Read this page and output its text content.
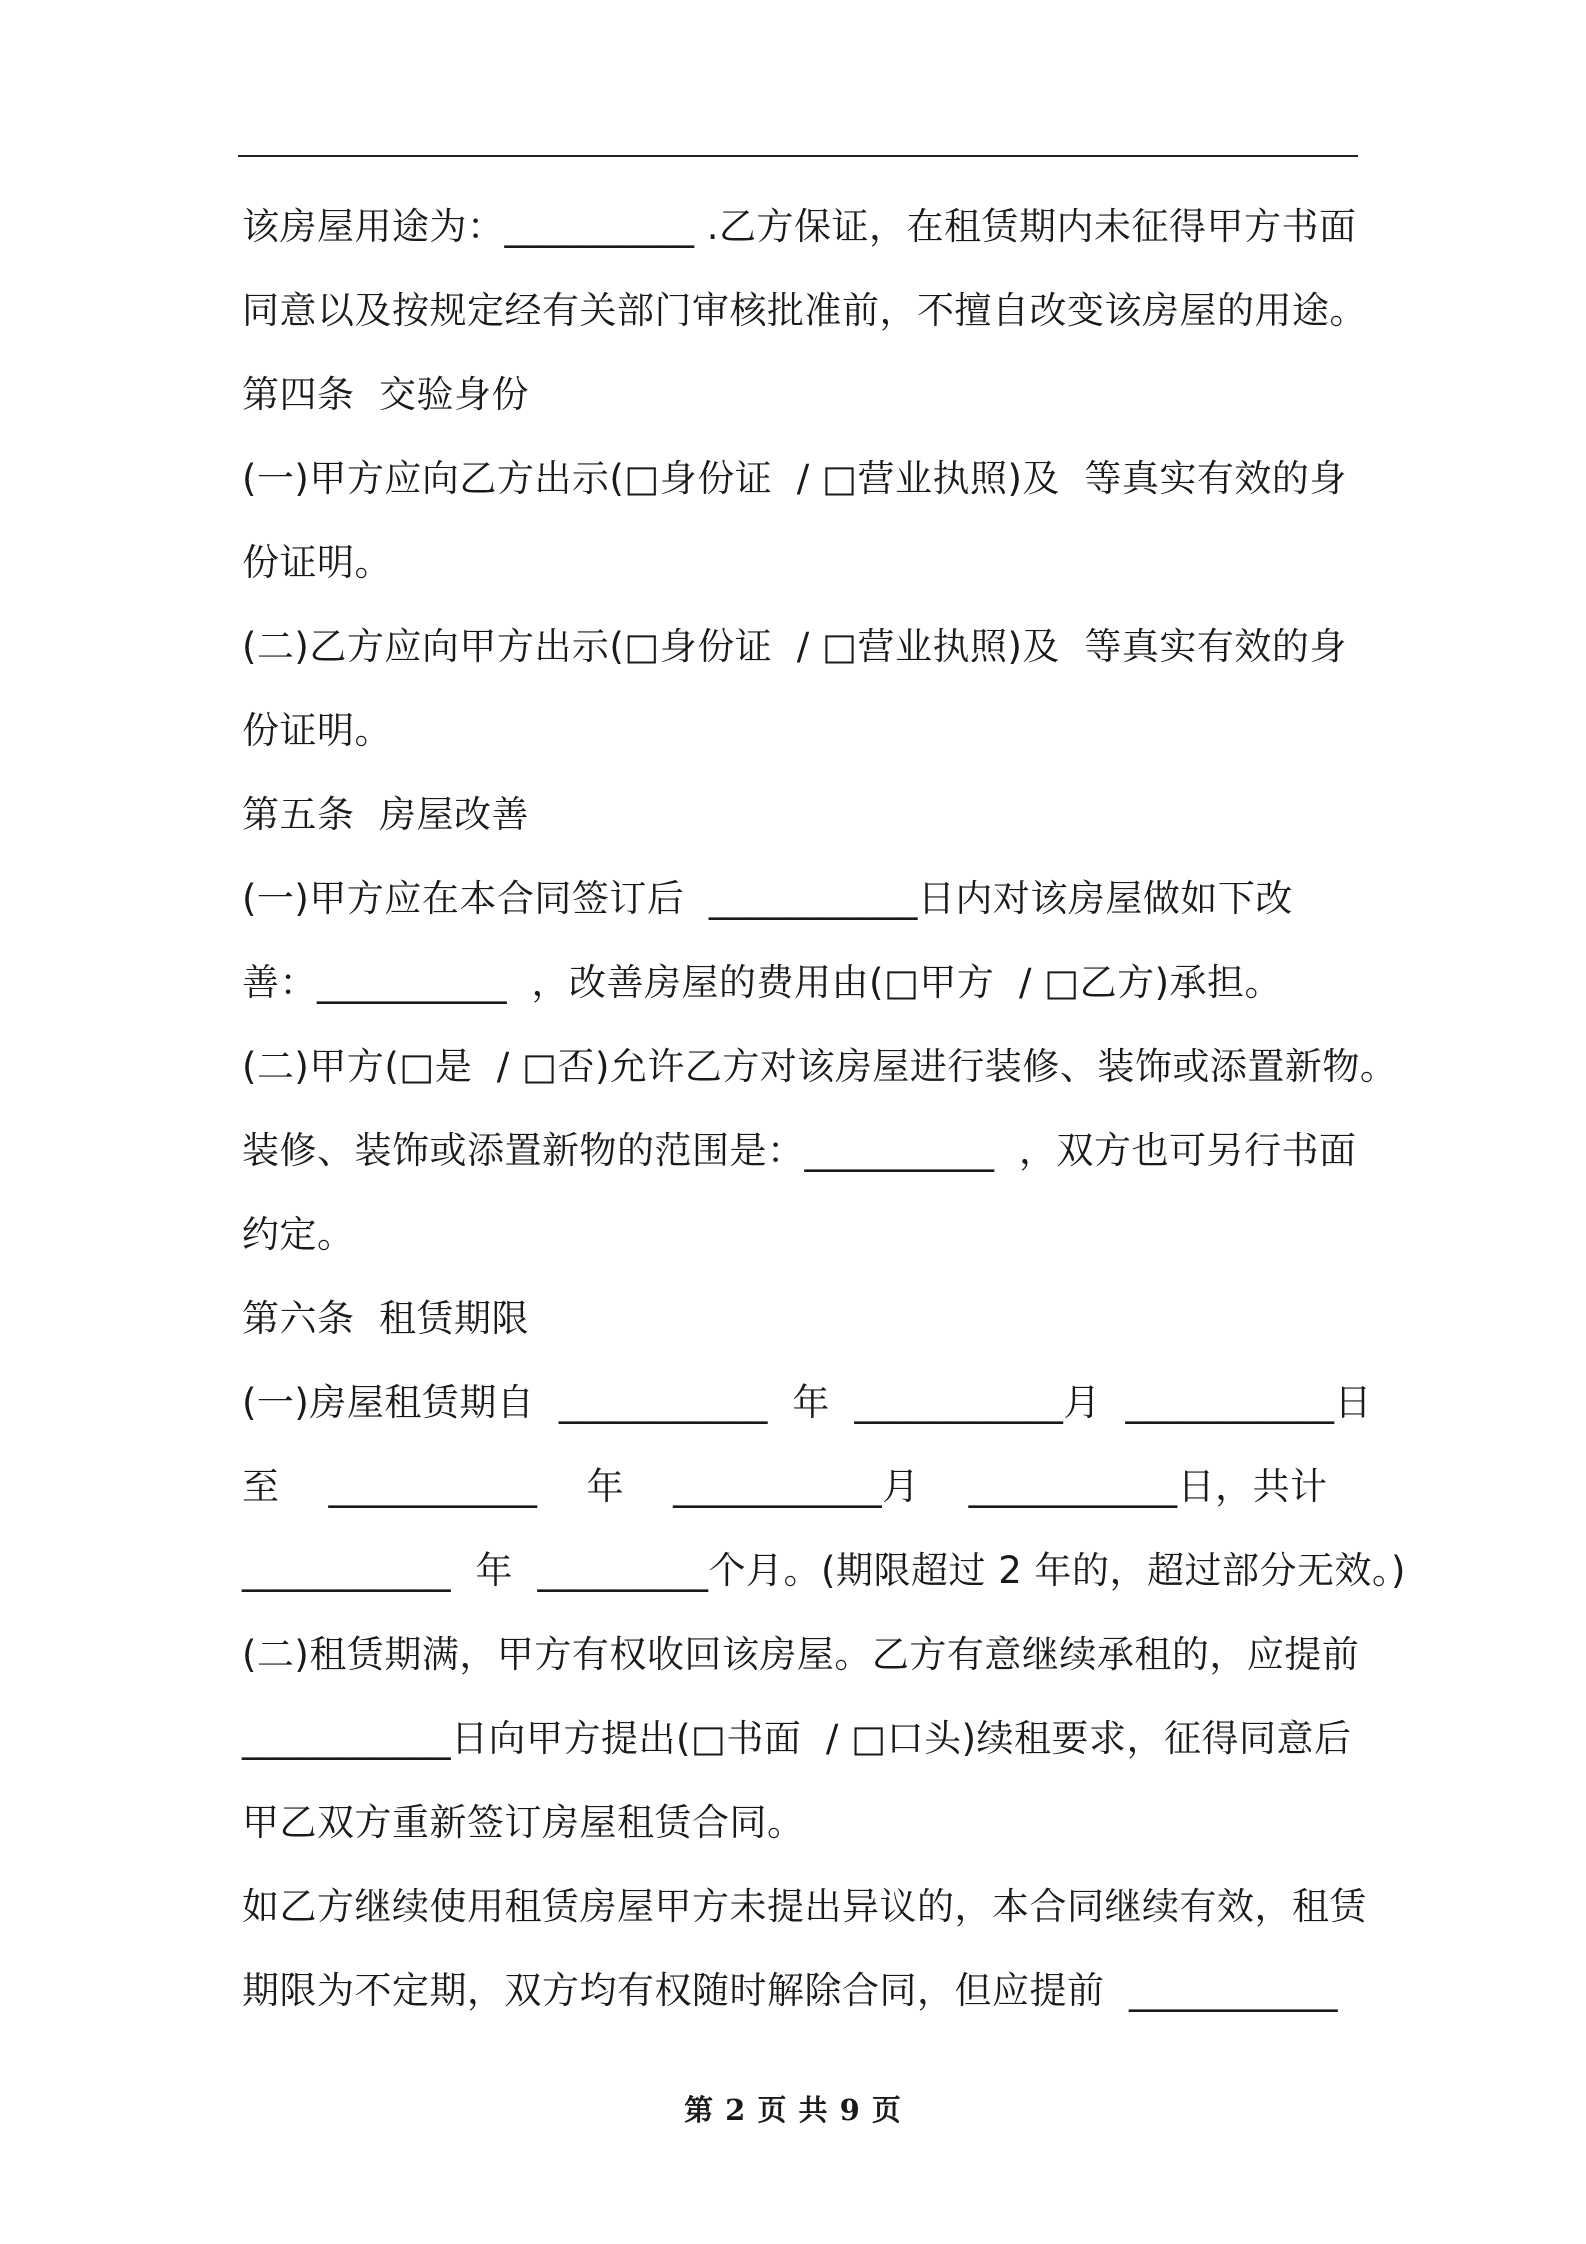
该房屋用途为：__________ .乙方保证，在租赁期内未征得甲方书面
同意以及按规定经有关部门审核批准前，不擅自改变该房屋的用途。
第四条  交验身份
(一)甲方应向乙方出示(□身份证  / □营业执照)及  等真实有效的身
份证明。
(二)乙方应向甲方出示(□身份证  / □营业执照)及  等真实有效的身
份证明。
第五条  房屋改善
(一)甲方应在本合同签订后  ___________日内对该房屋做如下改
善：__________  ，改善房屋的费用由(□甲方  / □乙方)承担。
(二)甲方(□是  / □否)允许乙方对该房屋进行装修、装饰或添置新物。
装修、装饰或添置新物的范围是：__________  ，双方也可另行书面
约定。
第六条  租赁期限
(一)房屋租赁期自  ___________  年  ___________月  ___________日
至    ___________    年    ___________月    ___________日，共计
___________  年  _________个月。(期限超过 2 年的，超过部分无效。)
(二)租赁期满，甲方有权收回该房屋。乙方有意继续承租的，应提前
___________日向甲方提出(□书面  / □口头)续租要求，征得同意后
甲乙双方重新签订房屋租赁合同。
如乙方继续使用租赁房屋甲方未提出异议的，本合同继续有效，租赁
期限为不定期，双方均有权随时解除合同，但应提前  ___________
第 2 页 共 9 页
